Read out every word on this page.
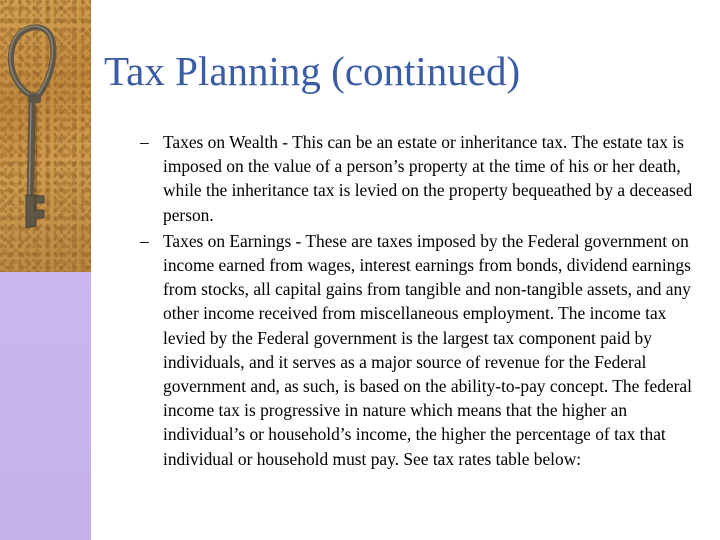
Tax Planning (continued)
– Taxes on Wealth - This can be an estate or inheritance tax. The estate tax is imposed on the value of a person’s property at the time of his or her death, while the inheritance tax is levied on the property bequeathed by a deceased person.
– Taxes on Earnings - These are taxes imposed by the Federal government on income earned from wages, interest earnings from bonds, dividend earnings from stocks, all capital gains from tangible and non-tangible assets, and any other income received from miscellaneous employment. The income tax levied by the Federal government is the largest tax component paid by individuals, and it serves as a major source of revenue for the Federal government and, as such, is based on the ability-to-pay concept. The federal income tax is progressive in nature which means that the higher an individual’s or household’s income, the higher the percentage of tax that individual or household must pay. See tax rates table below:
